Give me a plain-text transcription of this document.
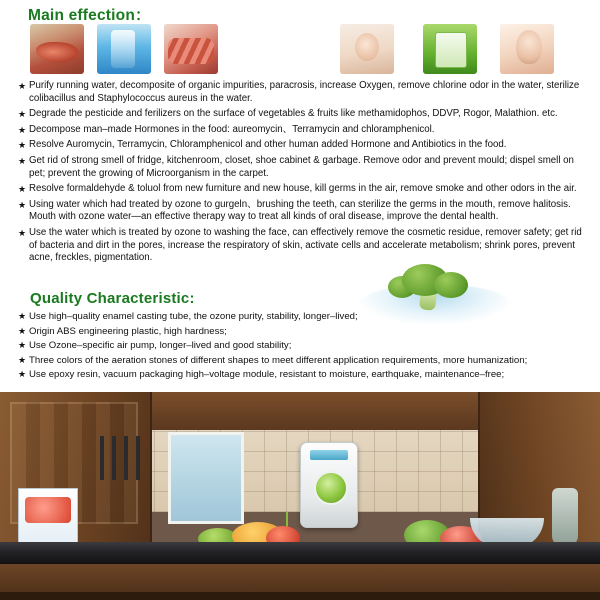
Main effection：
★ Purify running water, decomposite of organic impurities, paracrosis, increase Oxygen, remove chlorine odor in the water, sterilize colibacillus and Staphylococcus aureus in the water.
★ Degrade the pesticide and ferilizers on the surface of vegetables & fruits like methamidophos, DDVP, Rogor, Malathion. etc.
★ Decompose man–made Hormones in the food: aureomycin、Terramycin and chloramphenicol.
★ Resolve Auromycin, Terramycin, Chloramphenicol and other human added Hormone and Antibiotics in the food.
★ Get rid of strong smell of fridge, kitchenroom, closet, shoe cabinet & garbage. Remove odor and prevent mould; dispel smell on pet; prevent the growing of Microorganism in the carpet.
★ Resolve formaldehyde & toluol from new furniture and new house, kill germs in the air, remove smoke and other odors in the air.
★ Using water which had treated by ozone to gurgeln、brushing the teeth, can sterilize the germs in the mouth, remove halitosis. Mouth with ozone water—an effective therapy way to treat all kinds of oral disease, improve the dental health.
★ Use the water which is treated by ozone to washing the face, can effectively remove the cosmetic residue, remover safety; get rid of bacteria and dirt in the pores, increase the respiratory of skin, activate cells and accelerate metabolism; shrink pores, prevent acne, freckles, pigmentation.
Quality Characteristic:
★ Use high–quality enamel casting tube, the ozone purity, stability, longer–lived;
★ Origin ABS engineering plastic, high hardness;
★ Use Ozone–specific air pump, longer–lived and good stability;
★ Three colors of the aeration stones of different shapes to meet different application requirements, more humanization;
★ Use epoxy resin, vacuum packaging high–voltage module, resistant to moisture, earthquake, maintenance–free;
